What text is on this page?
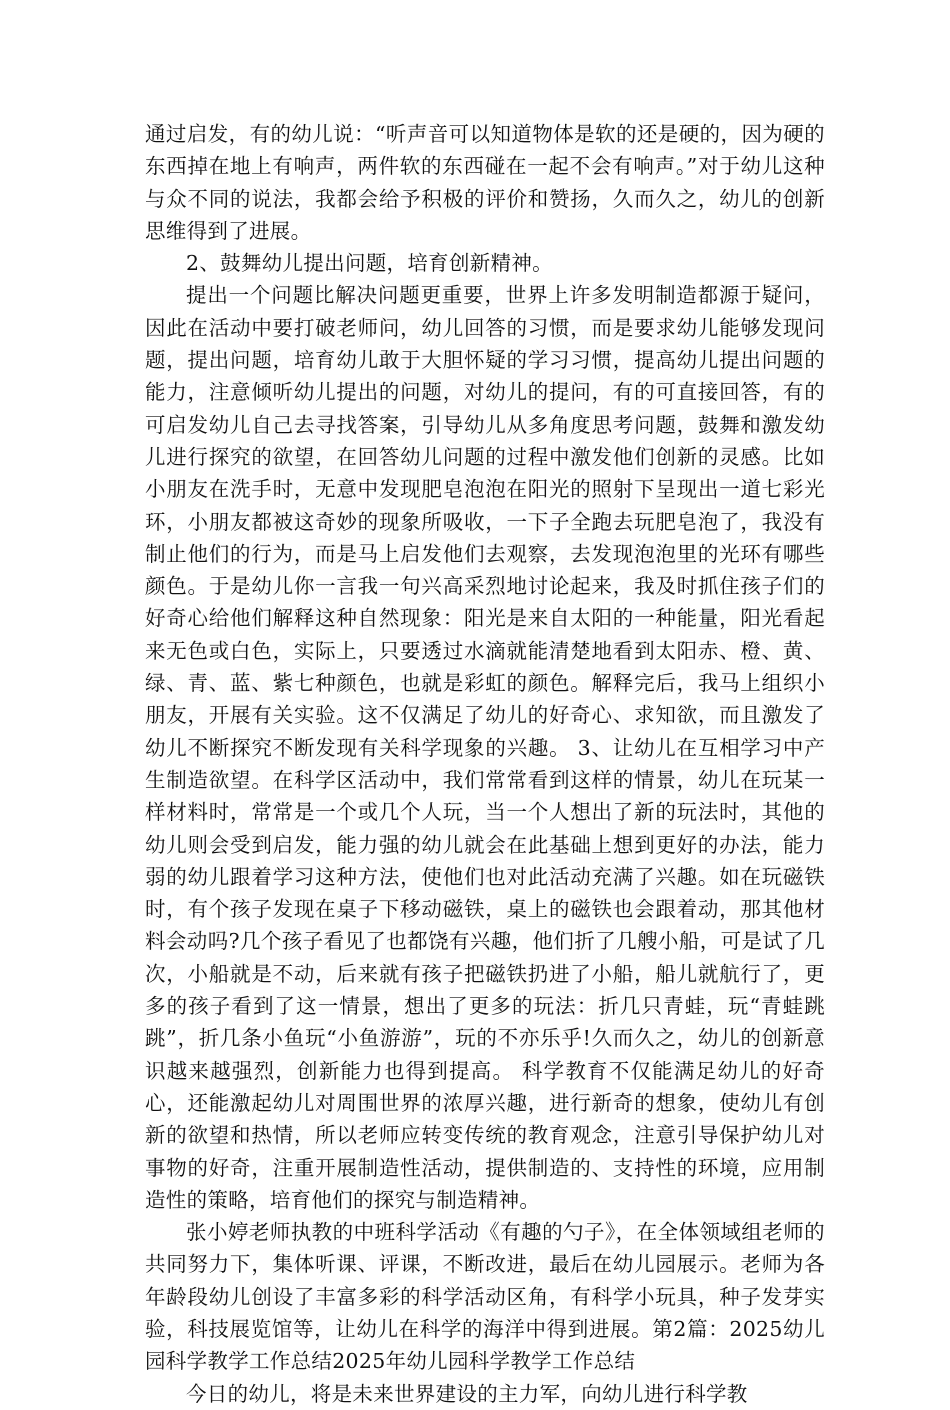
通过启发，有的幼儿说：“听声音可以知道物体是软的还是硬的，因为硬的东西掉在地上有响声，两件软的东西碰在一起不会有响声。”对于幼儿这种与众不同的说法，我都会给予积极的评价和赞扬，久而久之，幼儿的创新思维得到了进展。

2、鼓舞幼儿提出问题，培育创新精神。

提出一个问题比解决问题更重要，世界上许多发明制造都源于疑问，因此在活动中要打破老师问，幼儿回答的习惯，而是要求幼儿能够发现问题，提出问题，培育幼儿敢于大胆怀疑的学习习惯，提高幼儿提出问题的能力，注意倾听幼儿提出的问题，对幼儿的提问，有的可直接回答，有的可启发幼儿自己去寻找答案，引导幼儿从多角度思考问题，鼓舞和激发幼儿进行探究的欲望，在回答幼儿问题的过程中激发他们创新的灵感。比如小朋友在洗手时，无意中发现肥皂泡泡在阳光的照射下呈现出一道七彩光环，小朋友都被这奇妙的现象所吸收，一下子全跑去玩肥皂泡了，我没有制止他们的行为，而是马上启发他们去观察，去发现泡泡里的光环有哪些颜色。于是幼儿你一言我一句兴高采烈地讨论起来，我及时抓住孩子们的好奇心给他们解释这种自然现象：阳光是来自太阳的一种能量，阳光看起来无色或白色，实际上，只要透过水滴就能清楚地看到太阳赤、橙、黄、绿、青、蓝、紫七种颜色，也就是彩虹的颜色。解释完后，我马上组织小朋友，开展有关实验。这不仅满足了幼儿的好奇心、求知欲，而且激发了幼儿不断探究不断发现有关科学现象的兴趣。 3、让幼儿在互相学习中产生制造欲望。在科学区活动中，我们常常看到这样的情景，幼儿在玩某一样材料时，常常是一个或几个人玩，当一个人想出了新的玩法时，其他的幼儿则会受到启发，能力强的幼儿就会在此基础上想到更好的办法，能力弱的幼儿跟着学习这种方法，使他们也对此活动充满了兴趣。如在玩磁铁时，有个孩子发现在桌子下移动磁铁，桌上的磁铁也会跟着动，那其他材料会动吗?几个孩子看见了也都饶有兴趣，他们折了几艘小船，可是试了几次，小船就是不动，后来就有孩子把磁铁扔进了小船，船儿就航行了，更多的孩子看到了这一情景，想出了更多的玩法：折几只青蛙，玩“青蛙跳跳”，折几条小鱼玩“小鱼游游”，玩的不亦乐乎!久而久之，幼儿的创新意识越来越强烈，创新能力也得到提高。 科学教育不仅能满足幼儿的好奇心，还能激起幼儿对周围世界的浓厚兴趣，进行新奇的想象，使幼儿有创新的欲望和热情，所以老师应转变传统的教育观念，注意引导保护幼儿对事物的好奇，注重开展制造性活动，提供制造的、支持性的环境，应用制造性的策略，培育他们的探究与制造精神。

张小婷老师执教的中班科学活动《有趣的勺子》，在全体领域组老师的共同努力下，集体听课、评课，不断改进，最后在幼儿园展示。老师为各年龄段幼儿创设了丰富多彩的科学活动区角，有科学小玩具，种子发芽实验，科技展览馆等，让幼儿在科学的海洋中得到进展。第2篇：2025幼儿园科学教学工作总结2025年幼儿园科学教学工作总结

今日的幼儿，将是未来世界建设的主力军，向幼儿进行科学教
